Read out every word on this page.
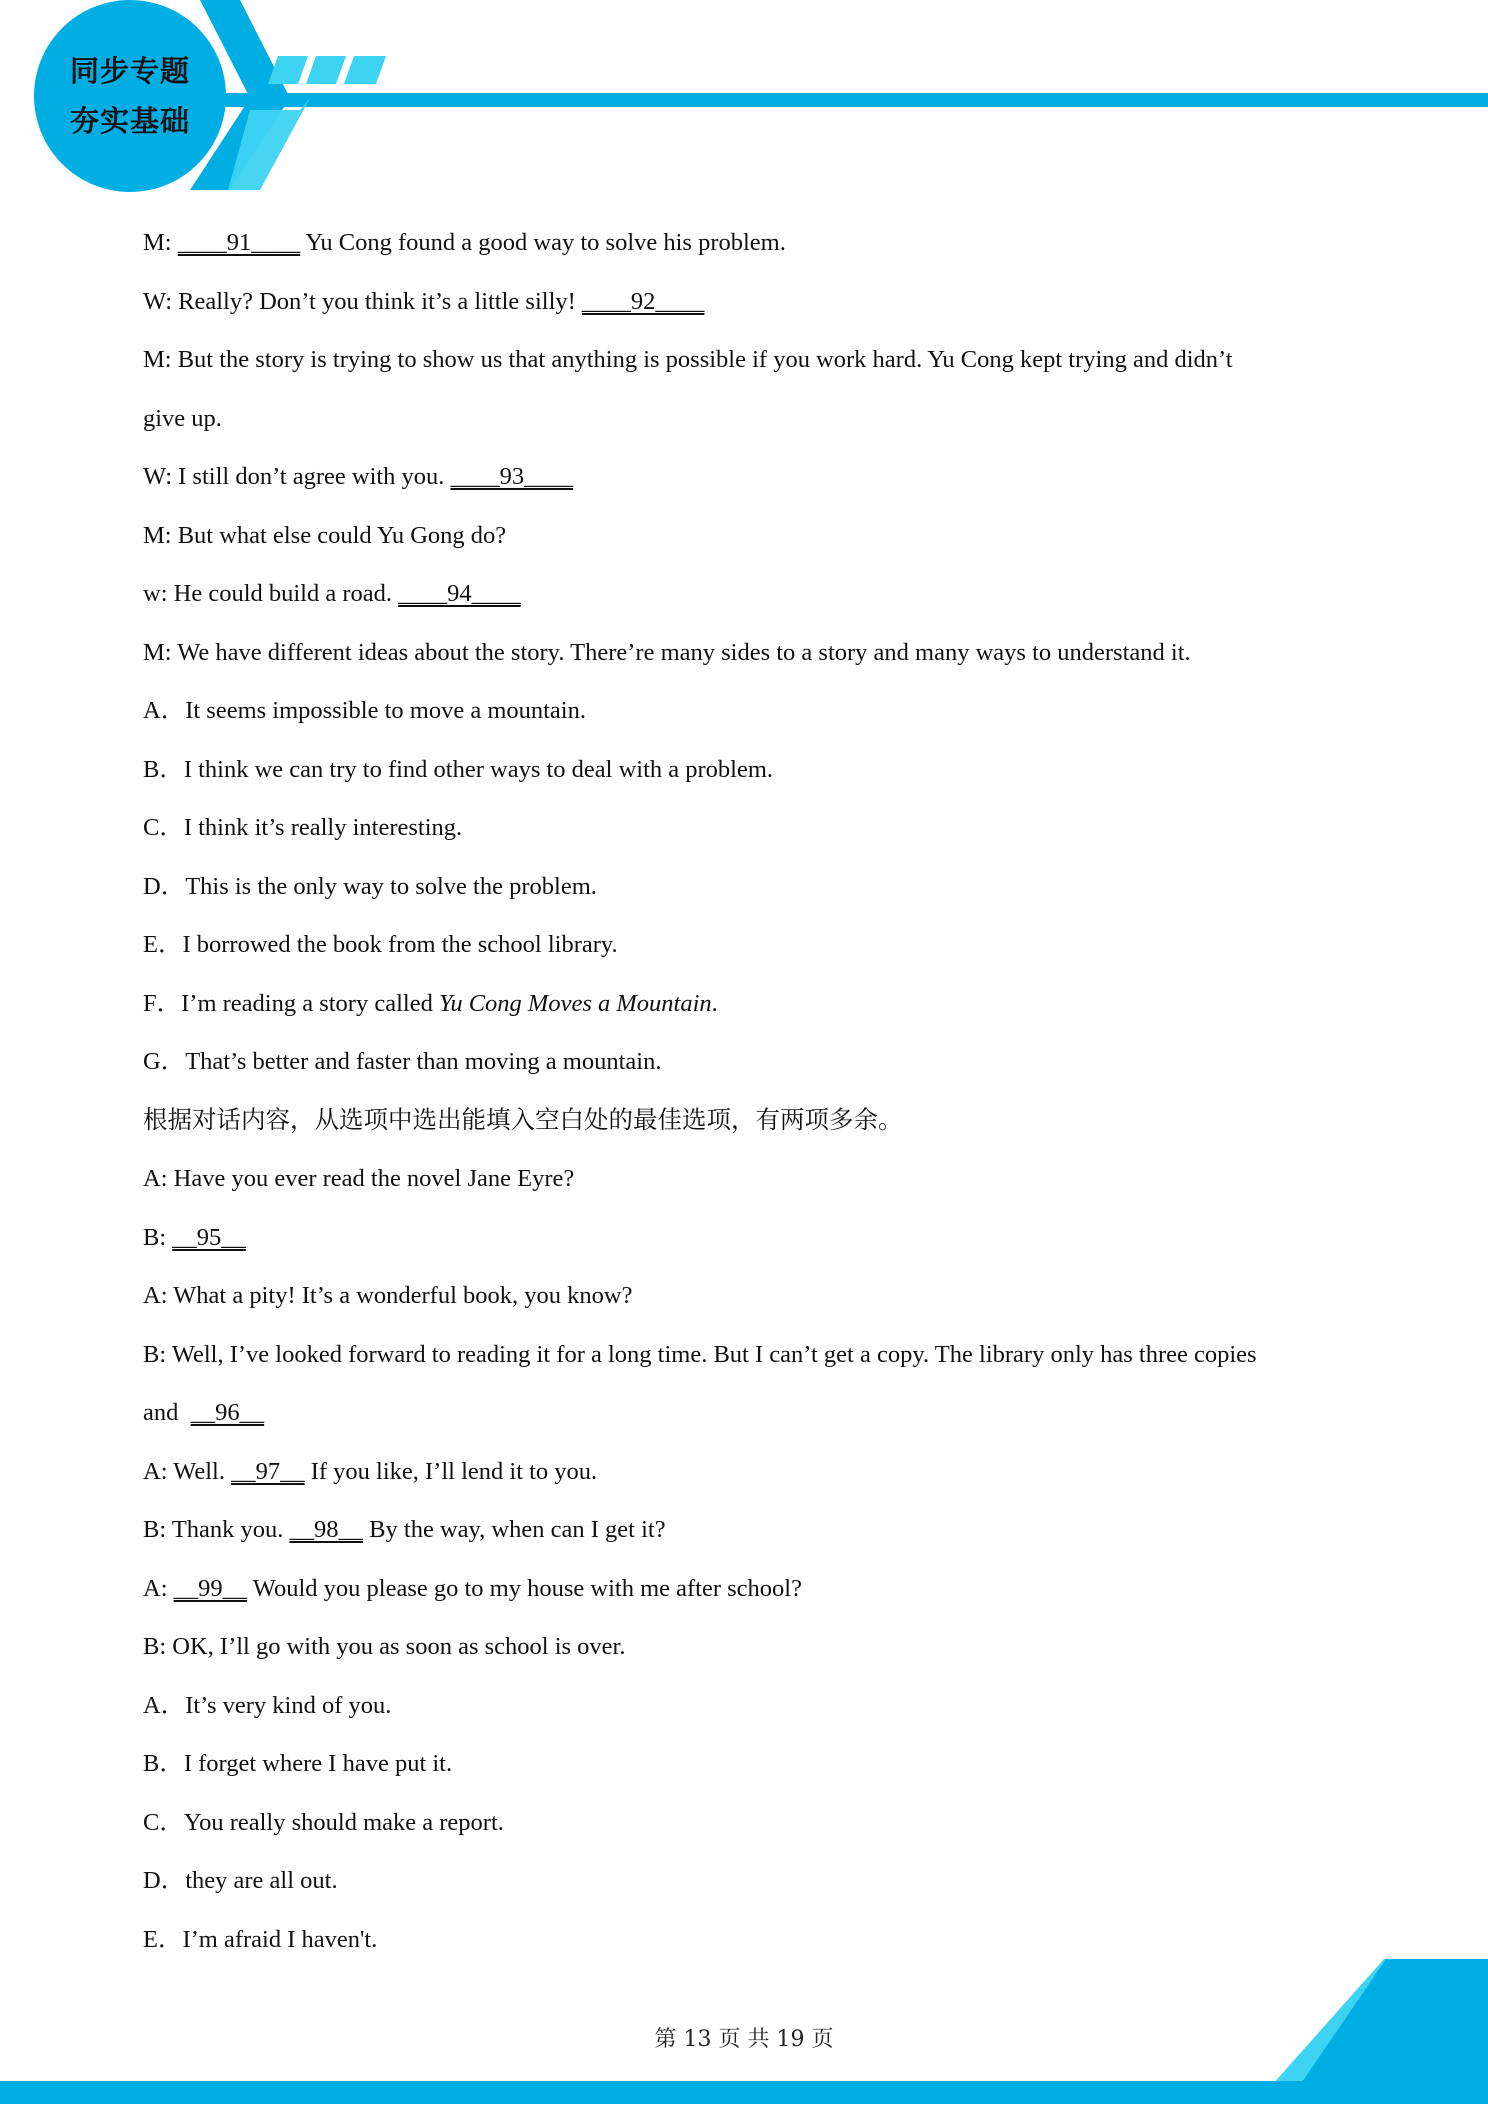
同步专题
夯实基础
M: ____91____ Yu Cong found a good way to solve his problem.
W: Really? Don’t you think it’s a little silly! ____92____
M: But the story is trying to show us that anything is possible if you work hard. Yu Cong kept trying and didn’t
give up.
W: I still don’t agree with you. ____93____
M: But what else could Yu Gong do?
w: He could build a road. ____94____
M: We have different ideas about the story. There’re many sides to a story and many ways to understand it.
A．It seems impossible to move a mountain.
B．I think we can try to find other ways to deal with a problem.
C．I think it’s really interesting.
D．This is the only way to solve the problem.
E．I borrowed the book from the school library.
F．I’m reading a story called Yu Cong Moves a Mountain.
G．That’s better and faster than moving a mountain.
根据对话内容，从选项中选出能填入空白处的最佳选项，有两项多余。
A: Have you ever read the novel Jane Eyre?
B: __95__
A: What a pity! It’s a wonderful book, you know?
B: Well, I’ve looked forward to reading it for a long time. But I can’t get a copy. The library only has three copies
and  __96__
A: Well. __97__ If you like, I’ll lend it to you.
B: Thank you. __98__ By the way, when can I get it?
A: __99__ Would you please go to my house with me after school?
B: OK, I’ll go with you as soon as school is over.
A．It’s very kind of you.
B．I forget where I have put it.
C．You really should make a report.
D．they are all out.
E．I’m afraid I haven't.
第 13 页 共 19 页
